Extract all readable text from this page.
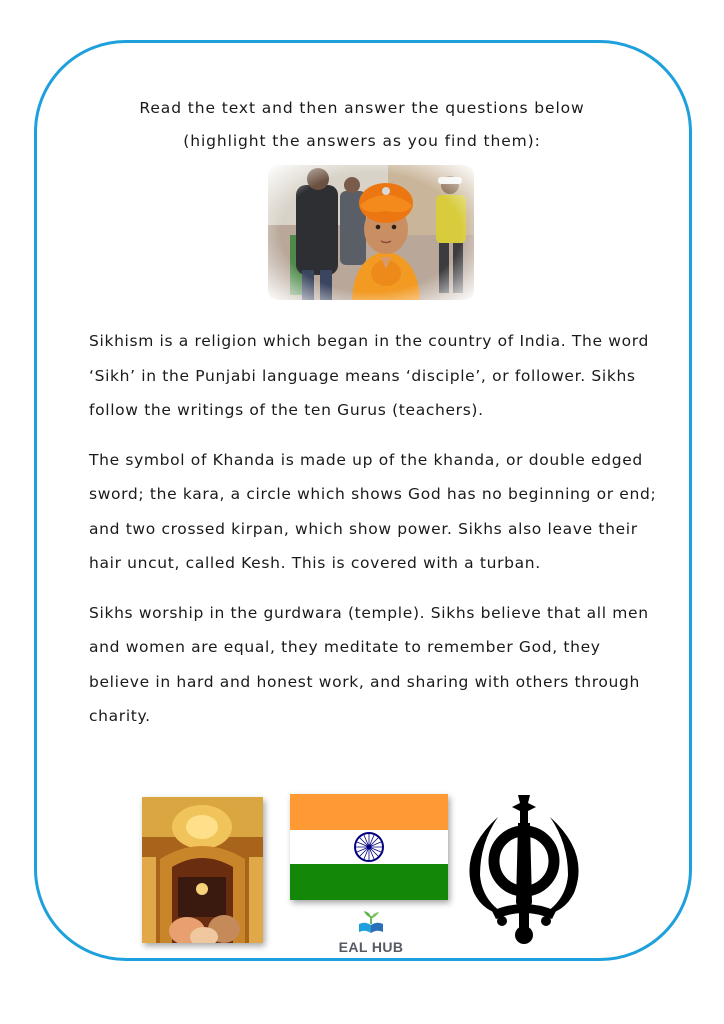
Read the text and then answer the questions below
(highlight the answers as you find them):

Sikhism is a religion which began in the country of India. The word ‘Sikh’ in the Punjabi language means ‘disciple’, or follower. Sikhs follow the writings of the ten Gurus (teachers).

The symbol of Khanda is made up of the khanda, or double edged sword; the kara, a circle which shows God has no beginning or end; and two crossed kirpan, which show power. Sikhs also leave their hair uncut, called Kesh. This is covered with a turban.

Sikhs worship in the gurdwara (temple). Sikhs believe that all men and women are equal, they meditate to remember God, they believe in hard and honest work, and sharing with others through charity.

EAL HUB
